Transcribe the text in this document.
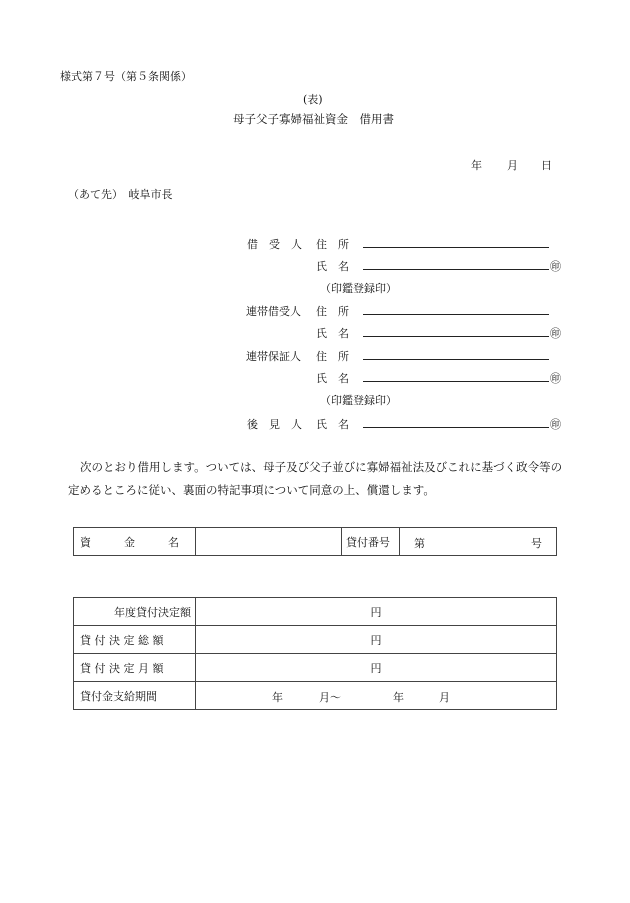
様式第７号（第５条関係）
(表)
母子父子寡婦福祉資金　借用書
年 月 日
（あて先）　岐阜市長
借　受　人 住　所
氏　名	㊞
（印鑑登録印）
連帯借受人 住　所
氏　名	㊞
連帯保証人 住　所
氏　名	㊞
（印鑑登録印）
後　見　人 氏　名	㊞
次のとおり借用します。ついては、母子及び父子並びに寡婦福祉法及びこれに基づく政令等の
定めるところに従い、裏面の特記事項について同意の上、償還します。
資　　　金　　　名		貸付番号	第	号
年度貸付決定額	円
貸 付 決 定 総 額	円
貸 付 決 定 月 額	円
貸付金支給期間	年 月～ 年 月
